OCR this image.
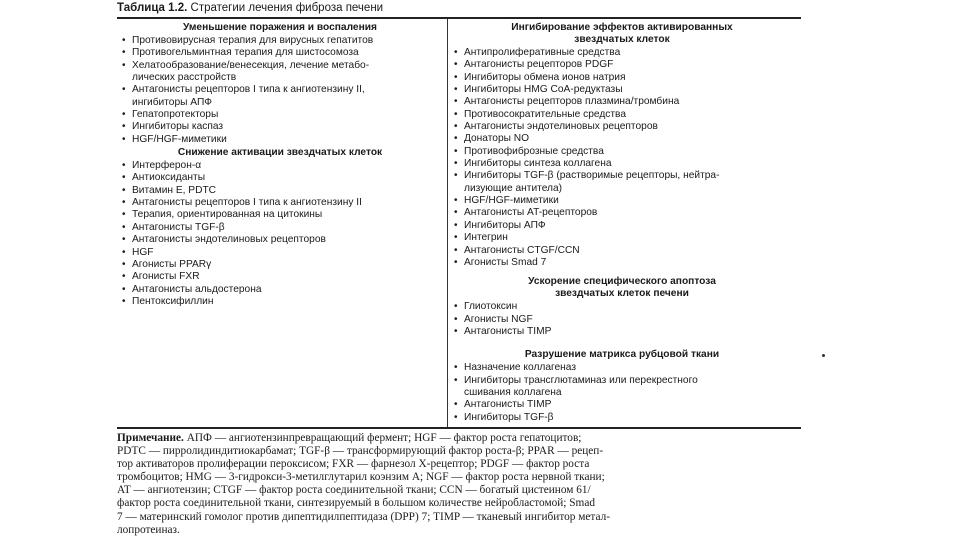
Таблица 1.2. Стратегии лечения фиброза печени
Уменьшение поражения и воспаления
• Противовирусная терапия для вирусных гепатитов
• Противогельминтная терапия для шистосомоза
• Хелатообразование/венесекция, лечение метабо-
лических расстройств
• Антагонисты рецепторов I типа к ангиотензину II,
ингибиторы АПФ
• Гепатопротекторы
• Ингибиторы каспаз
• HGF/HGF-миметики
Снижение активации звездчатых клеток
• Интерферон-α
• Антиоксиданты
• Витамин Е, PDTC
• Антагонисты рецепторов I типа к ангиотензину II
• Терапия, ориентированная на цитокины
• Антагонисты TGF-β
• Антагонисты эндотелиновых рецепторов
• HGF
• Агонисты PPARγ
• Агонисты FXR
• Антагонисты альдостерона
• Пентоксифиллин
Ингибирование эффектов активированных
звездчатых клеток
• Антипролиферативные средства
• Антагонисты рецепторов PDGF
• Ингибиторы обмена ионов натрия
• Ингибиторы HMG CoA-редуктазы
• Антагонисты рецепторов плазмина/тромбина
• Противосократительные средства
• Антагонисты эндотелиновых рецепторов
• Донаторы NO
• Противофиброзные средства
• Ингибиторы синтеза коллагена
• Ингибиторы TGF-β (растворимые рецепторы, нейтра-
лизующие антитела)
• HGF/HGF-миметики
• Антагонисты AT-рецепторов
• Ингибиторы АПФ
• Интегрин
• Антагонисты CTGF/CCN
• Агонисты Smad 7
Ускорение специфического апоптоза
звездчатых клеток печени
• Глиотоксин
• Агонисты NGF
• Антагонисты TIMP
Разрушение матрикса рубцовой ткани
• Назначение коллагеназ
• Ингибиторы трансглютаминаз или перекрестного
сшивания коллагена
• Антагонисты TIMP
• Ингибиторы TGF-β
Примечание. АПФ — ангиотензинпревращающий фермент; HGF — фактор роста гепатоцитов;
PDTC — пирролидиндитиокарбамат; TGF-β — трансформирующий фактор роста-β; PPAR — рецеп-
тор активаторов пролиферации пероксисом; FXR — фарнезол X-рецептор; PDGF — фактор роста
тромбоцитов; HMG — 3-гидрокси-3-метилглутарил коэнзим A; NGF — фактор роста нервной ткани;
AT — ангиотензин; CTGF — фактор роста соединительной ткани; CCN — богатый цистеином 61/
фактор роста соединительной ткани, синтезируемый в большом количестве нейробластомой; Smad
7 — материнский гомолог против дипептидилпептидаза (DPP) 7; TIMP — тканевый ингибитор метал-
лопротеиназ.
